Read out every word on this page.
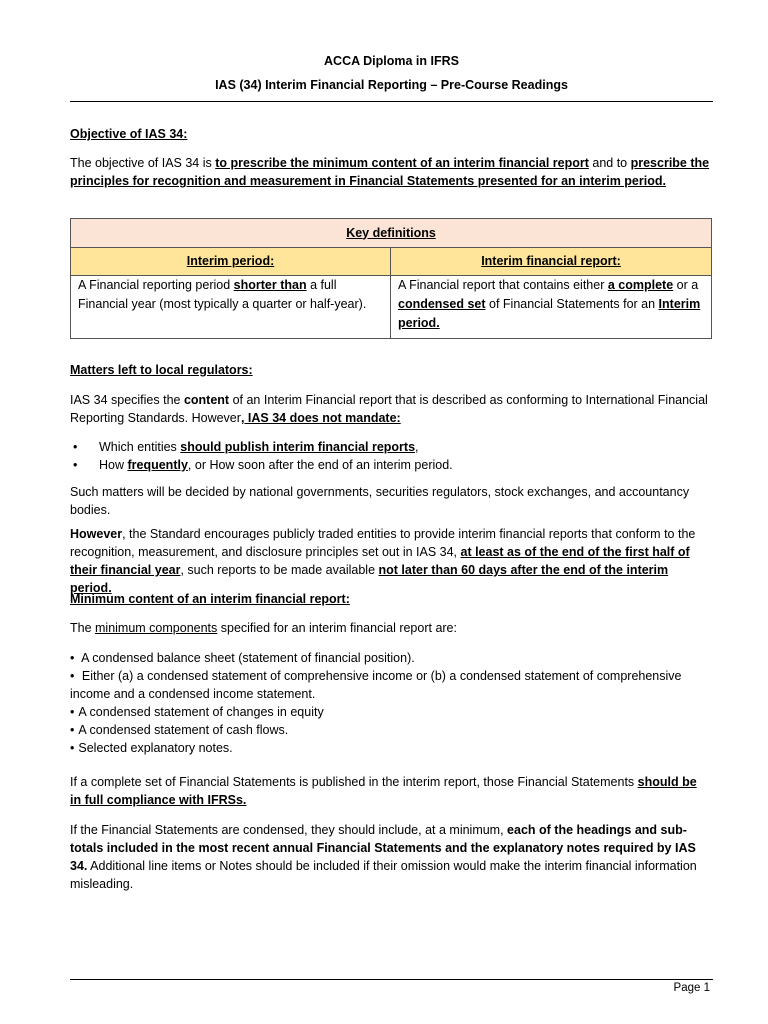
ACCA Diploma in IFRS
IAS (34) Interim Financial Reporting – Pre-Course Readings
Objective of IAS 34:

The objective of IAS 34 is to prescribe the minimum content of an interim financial report and to prescribe the principles for recognition and measurement in Financial Statements presented for an interim period.

Key definitions	
Interim period:	Interim financial report:
A Financial reporting period shorter than a full Financial year (most typically a quarter or half-year).	A Financial report that contains either a complete or a condensed set of Financial Statements for an Interim period.
Matters left to local regulators:

IAS 34 specifies the content of an Interim Financial report that is described as conforming to International Financial Reporting Standards. However, IAS 34 does not mandate:

• Which entities should publish interim financial reports,
• How frequently, or How soon after the end of an interim period.

Such matters will be decided by national governments, securities regulators, stock exchanges, and accountancy bodies.

However, the Standard encourages publicly traded entities to provide interim financial reports that conform to the recognition, measurement, and disclosure principles set out in IAS 34, at least as of the end of the first half of their financial year, such reports to be made available not later than 60 days after the end of the interim period.

Minimum content of an interim financial report:

The minimum components specified for an interim financial report are:

• A condensed balance sheet (statement of financial position).
• Either (a) a condensed statement of comprehensive income or (b) a condensed statement of comprehensive income and a condensed income statement.
• A condensed statement of changes in equity
• A condensed statement of cash flows.
• Selected explanatory notes.

If a complete set of Financial Statements is published in the interim report, those Financial Statements should be in full compliance with IFRSs.

If the Financial Statements are condensed, they should include, at a minimum, each of the headings and sub-totals included in the most recent annual Financial Statements and the explanatory notes required by IAS 34. Additional line items or Notes should be included if their omission would make the interim financial information misleading.

Page 1
